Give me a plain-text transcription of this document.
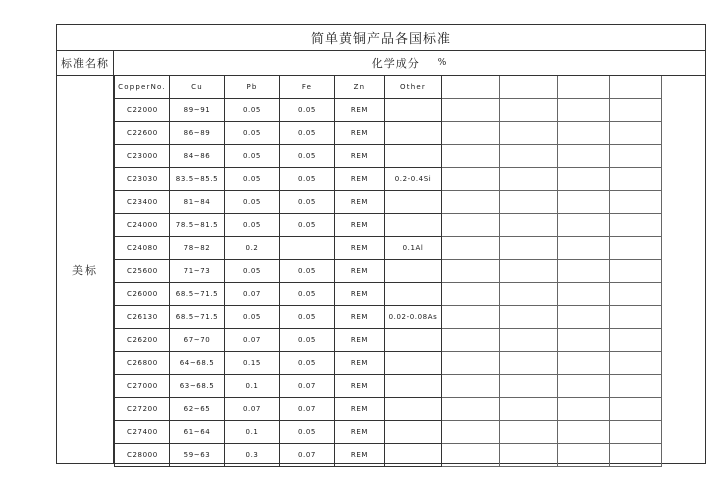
简单黄铜产品各国标准
标准名称	化学成分 %
美标
CopperNo.	Cu	Pb	Fe	Zn	Other				
C22000	89~91	0.05	0.05	REM					
C22600	86~89	0.05	0.05	REM					
C23000	84~86	0.05	0.05	REM					
C23030	83.5~85.5	0.05	0.05	REM	0.2-0.4Si				
C23400	81~84	0.05	0.05	REM					
C24000	78.5~81.5	0.05	0.05	REM					
C24080	78~82	0.2		REM	0.1Al				
C25600	71~73	0.05	0.05	REM					
C26000	68.5~71.5	0.07	0.05	REM					
C26130	68.5~71.5	0.05	0.05	REM	0.02-0.08As				
C26200	67~70	0.07	0.05	REM					
C26800	64~68.5	0.15	0.05	REM					
C27000	63~68.5	0.1	0.07	REM					
C27200	62~65	0.07	0.07	REM					
C27400	61~64	0.1	0.05	REM					
C28000	59~63	0.3	0.07	REM					
